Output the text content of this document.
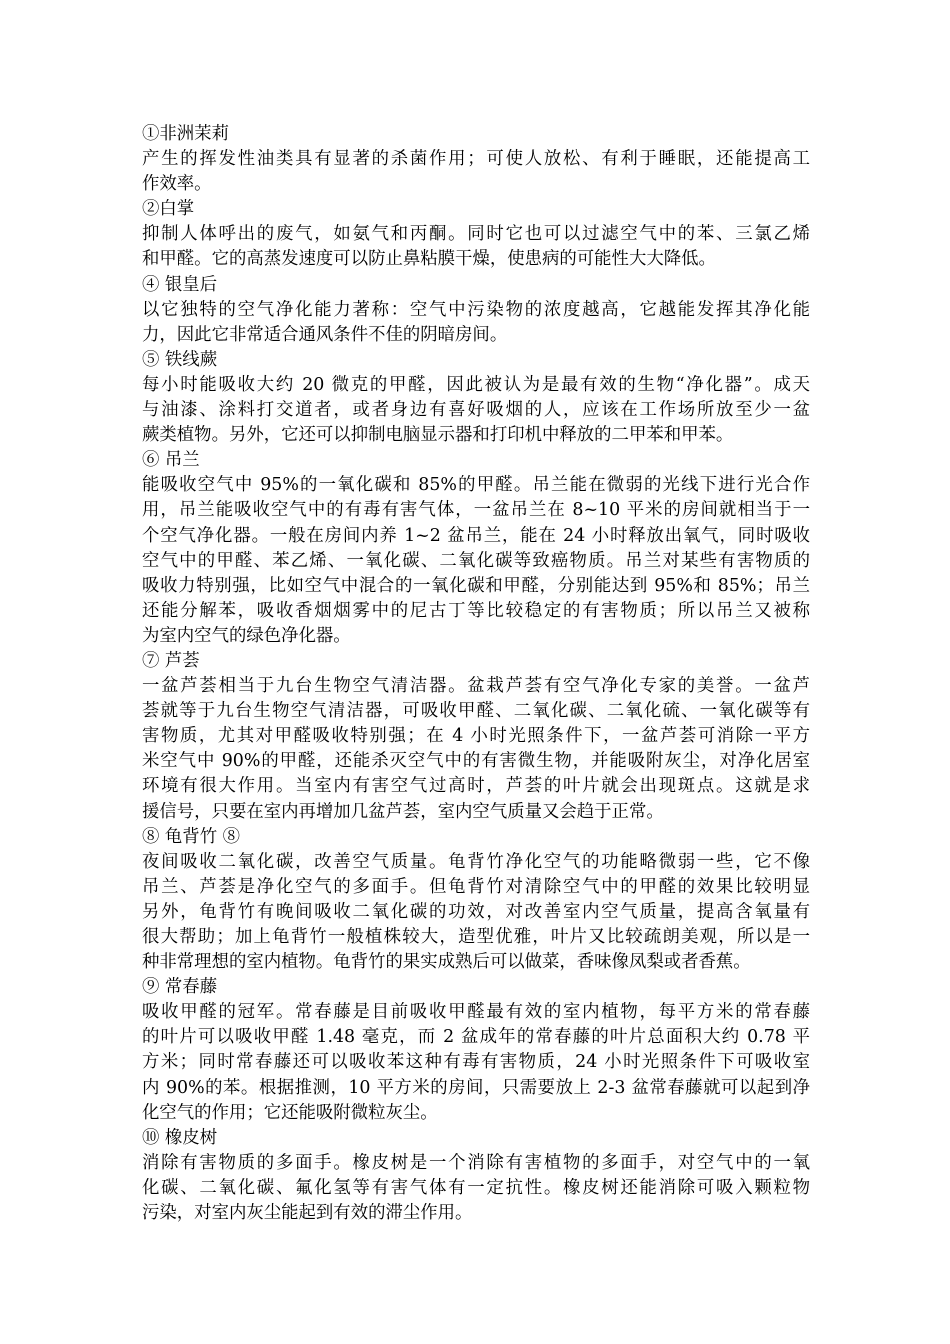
①非洲茉莉
产生的挥发性油类具有显著的杀菌作用；可使人放松、有利于睡眠，还能提高工
作效率。
②白掌
抑制人体呼出的废气，如氨气和丙酮。同时它也可以过滤空气中的苯、三氯乙烯
和甲醛。它的高蒸发速度可以防止鼻粘膜干燥，使患病的可能性大大降低。
④ 银皇后
以它独特的空气净化能力著称：空气中污染物的浓度越高，它越能发挥其净化能
力，因此它非常适合通风条件不佳的阴暗房间。
⑤ 铁线蕨
每小时能吸收大约 20 微克的甲醛，因此被认为是最有效的生物“净化器”。成天
与油漆、涂料打交道者，或者身边有喜好吸烟的人，应该在工作场所放至少一盆
蕨类植物。另外，它还可以抑制电脑显示器和打印机中释放的二甲苯和甲苯。
⑥ 吊兰
能吸收空气中 95%的一氧化碳和 85%的甲醛。吊兰能在微弱的光线下进行光合作
用，吊兰能吸收空气中的有毒有害气体，一盆吊兰在 8~10 平米的房间就相当于一
个空气净化器。一般在房间内养 1~2 盆吊兰，能在 24 小时释放出氧气，同时吸收
空气中的甲醛、苯乙烯、一氧化碳、二氧化碳等致癌物质。吊兰对某些有害物质的
吸收力特别强，比如空气中混合的一氧化碳和甲醛，分别能达到 95%和 85%；吊兰
还能分解苯，吸收香烟烟雾中的尼古丁等比较稳定的有害物质；所以吊兰又被称
为室内空气的绿色净化器。
⑦ 芦荟
一盆芦荟相当于九台生物空气清洁器。盆栽芦荟有空气净化专家的美誉。一盆芦
荟就等于九台生物空气清洁器，可吸收甲醛、二氧化碳、二氧化硫、一氧化碳等有
害物质，尤其对甲醛吸收特别强；在 4 小时光照条件下，一盆芦荟可消除一平方
米空气中 90%的甲醛，还能杀灭空气中的有害微生物，并能吸附灰尘，对净化居室
环境有很大作用。当室内有害空气过高时，芦荟的叶片就会出现斑点。这就是求
援信号，只要在室内再增加几盆芦荟，室内空气质量又会趋于正常。
⑧ 龟背竹 ⑧
夜间吸收二氧化碳，改善空气质量。龟背竹净化空气的功能略微弱一些，它不像
吊兰、芦荟是净化空气的多面手。但龟背竹对清除空气中的甲醛的效果比较明显
另外，龟背竹有晚间吸收二氧化碳的功效，对改善室内空气质量，提高含氧量有
很大帮助；加上龟背竹一般植株较大，造型优雅，叶片又比较疏朗美观，所以是一
种非常理想的室内植物。龟背竹的果实成熟后可以做菜，香味像凤梨或者香蕉。
⑨ 常春藤
吸收甲醛的冠军。常春藤是目前吸收甲醛最有效的室内植物，每平方米的常春藤
的叶片可以吸收甲醛 1.48 毫克，而 2 盆成年的常春藤的叶片总面积大约 0.78 平
方米；同时常春藤还可以吸收苯这种有毒有害物质，24 小时光照条件下可吸收室
内 90%的苯。根据推测，10 平方米的房间，只需要放上 2-3 盆常春藤就可以起到净
化空气的作用；它还能吸附微粒灰尘。
⑩ 橡皮树
消除有害物质的多面手。橡皮树是一个消除有害植物的多面手，对空气中的一氧
化碳、二氧化碳、氟化氢等有害气体有一定抗性。橡皮树还能消除可吸入颗粒物
污染，对室内灰尘能起到有效的滞尘作用。
